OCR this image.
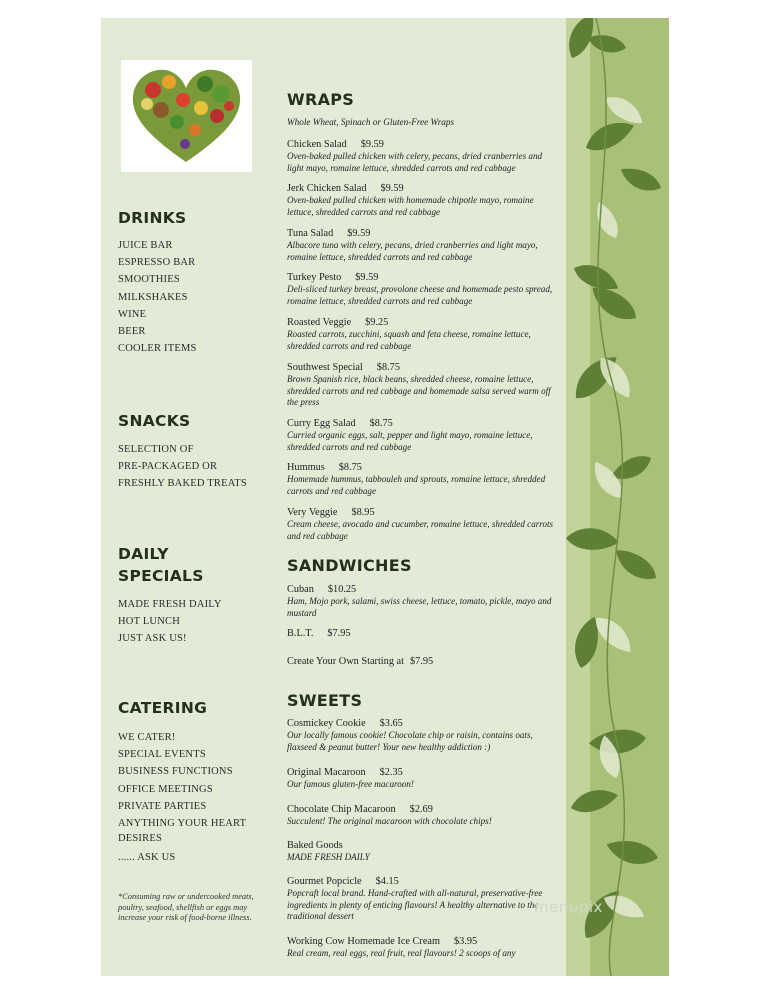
DRINKS
JUICE BAR
ESPRESSO BAR
SMOOTHIES
MILKSHAKES
WINE
BEER
COOLER ITEMS
SNACKS
SELECTION OF
PRE-PACKAGED OR
FRESHLY BAKED TREATS
DAILY
SPECIALS
MADE FRESH DAILY
HOT LUNCH
JUST ASK US!
CATERING
WE CATER!
SPECIAL EVENTS
BUSINESS FUNCTIONS
OFFICE MEETINGS
PRIVATE PARTIES
ANYTHING YOUR HEART
DESIRES
...... ASK US
*Consuming raw or undercooked meats, poultry, seafood, shellfish or eggs may increase your risk of food-borne illness.
WRAPS
Whole Wheat, Spinach or Gluten-Free Wraps
Chicken Salad $9.59
Oven-baked pulled chicken with celery, pecans, dried cranberries and light mayo, romaine lettuce, shredded carrots and red cabbage
Jerk Chicken Salad $9.59
Oven-baked pulled chicken with homemade chipotle mayo, romaine lettuce, shredded carrots and red cabbage
Tuna Salad $9.59
Albacore tuna with celery, pecans, dried cranberries and light mayo, romaine lettuce, shredded carrots and red cabbage
Turkey Pesto $9.59
Deli-sliced turkey breast, provolone cheese and homemade pesto spread, romaine lettuce, shredded carrots and red cabbage
Roasted Veggie $9.25
Roasted carrots, zucchini, squash and feta cheese, romaine lettuce, shredded carrots and red cabbage
Southwest Special $8.75
Brown Spanish rice, black beans, shredded cheese, romaine lettuce, shredded carrots and red cabbage and homemade salsa served warm off the press
Curry Egg Salad $8.75
Curried organic eggs, salt, pepper and light mayo, romaine lettuce, shredded carrots and red cabbage
Hummus $8.75
Homemade hummus, tabbouleh and sprouts, romaine lettuce, shredded carrots and red cabbage
Very Veggie $8.95
Cream cheese, avocado and cucumber, romaine lettuce, shredded carrots and red cabbage
SANDWICHES
Cuban $10.25
Ham, Mojo pork, salami, swiss cheese, lettuce, tomato, pickle, mayo and mustard
B.L.T. $7.95
Create Your Own Starting at $7.95
SWEETS
Cosmickey Cookie $3.65
Our locally famous cookie! Chocolate chip or raisin, contains oats, flaxseed & peanut butter! Your new healthy addiction :)
Original Macaroon $2.35
Our famous gluten-free macaroon!
Chocolate Chip Macaroon $2.69
Succulent! The original macaroon with chocolate chips!
Baked Goods
MADE FRESH DAILY
Gourmet Popcicle $4.15
Popcraft local brand. Hand-crafted with all-natural, preservative-free ingredients in plenty of enticing flavours! A healthy alternative to the traditional dessert
Working Cow Homemade Ice Cream $3.95
Real cream, real eggs, real fruit, real flavours! 2 scoops of any
menupix
